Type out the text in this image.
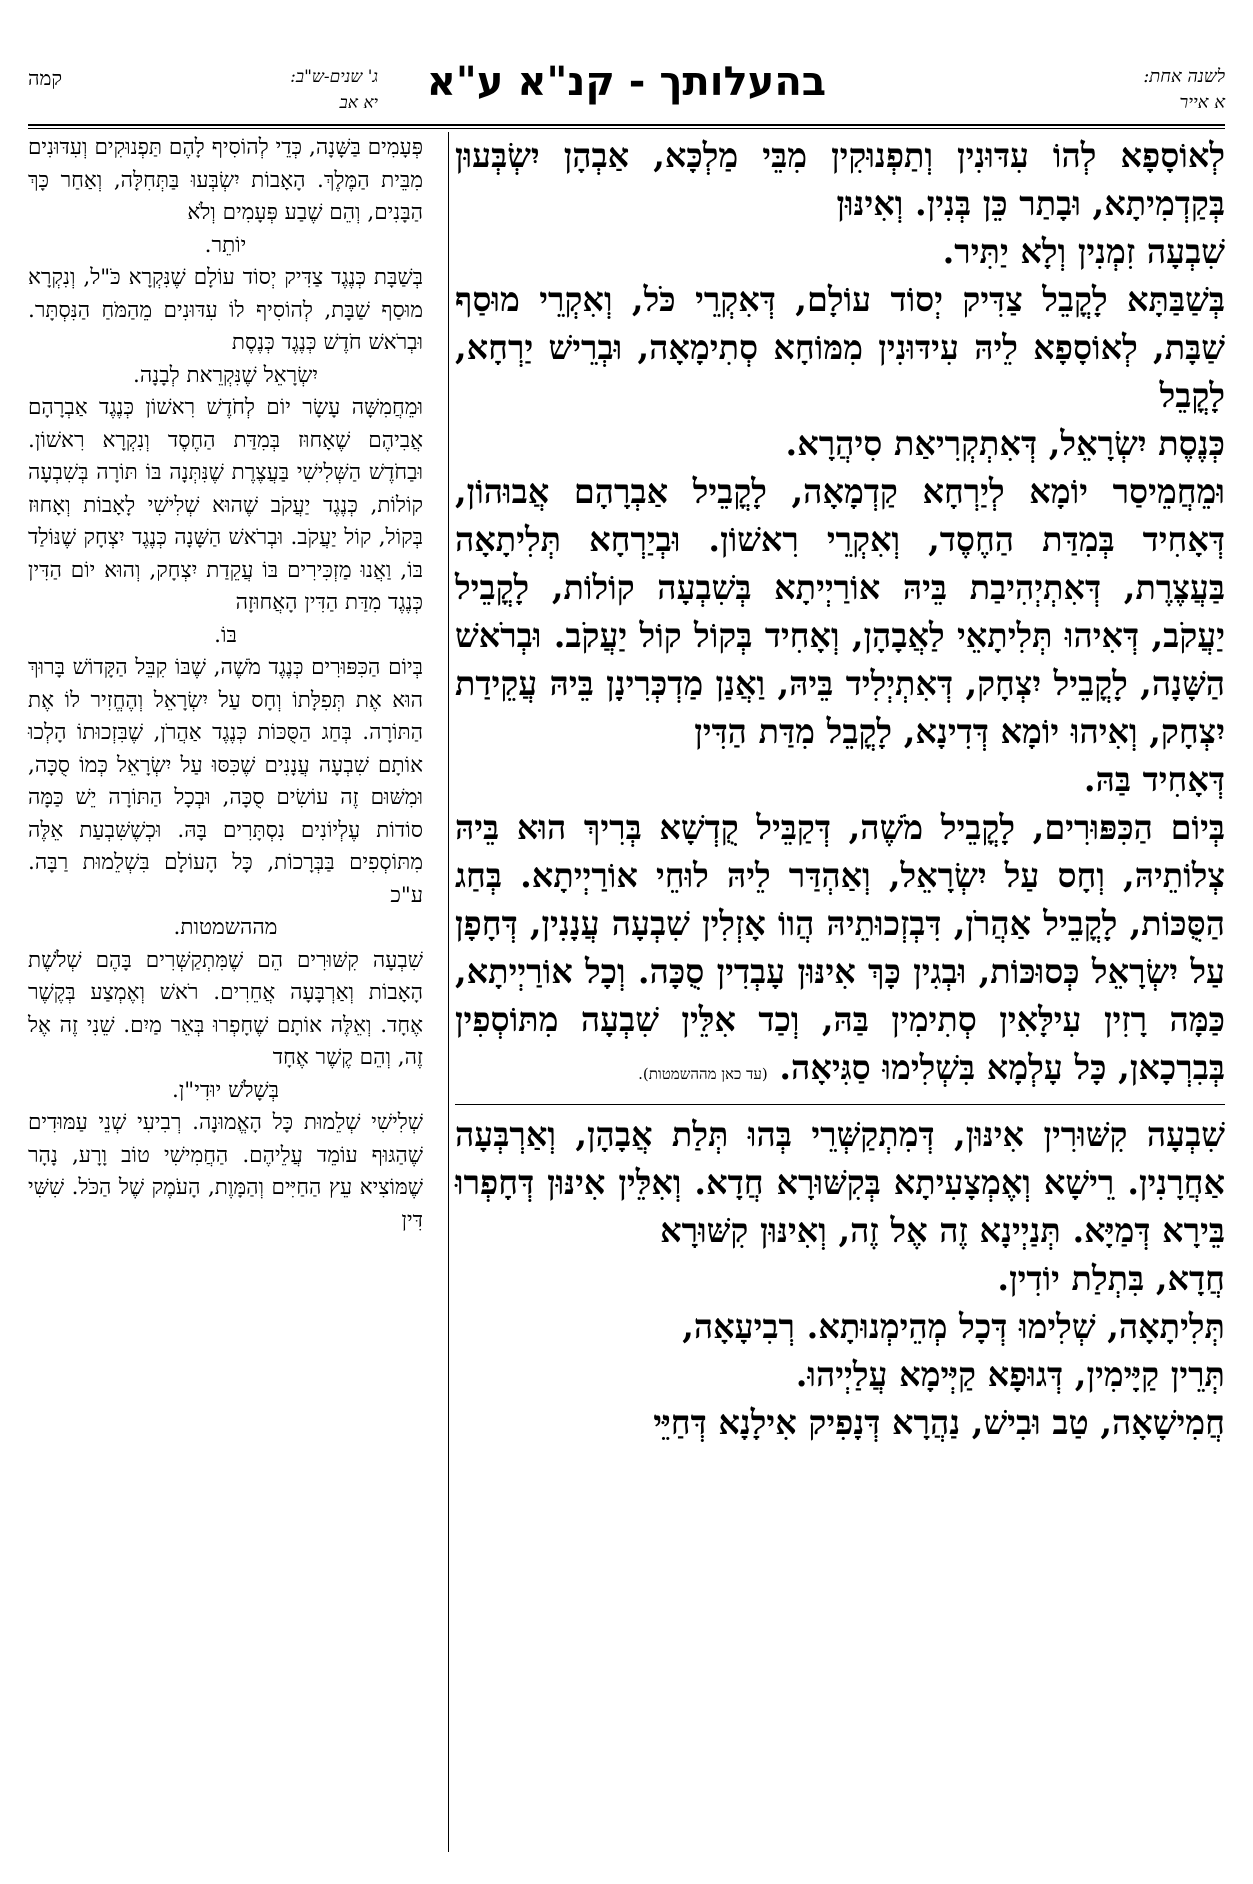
לשנה אחת:
א אייר
בהעלותך - קנ"א ע"א
ג' שנים-ש"ב:
יא אב
קמה

לְאוֹסָפָא לְהוֹ עִדּוּנִין וְתַפְנוּקִין מִבֵּי מַלְכָּא, אַבְהָן יִשְׂבְּעוּן בְּקַדְמִיתָא, וּבָתַר כֵּן בְּנִין. וְאִינּוּן
שִׁבְעָה זִמְנִין וְלָא יַתִּיר.

בְּשַׁבַּתָּא לָקֳבֵל צַדִּיק יְסוֹד עוֹלָם, דְּאִקְרֵי כֹּל, וְאִקְרֵי מוּסַף שַׁבָּת, לְאוֹסָפָא לֵיהּ עִידּוּנִין מִמּוֹחָא סְתִימָאָה, וּבְרֵישׁ יַרְחָא, לָקֳבֵל
כְּנֶסֶת יִשְׂרָאֵל, דְּאִתְקְרִיאַת סִיהֲרָא.

וּמֵחֲמֵיסַר יוֹמָא לְיַרְחָא קַדְמָאָה, לָקֳבֵיל אַבְרָהָם אֲבוּהוֹן, דְּאָחִיד בְּמִדַּת הַחֶסֶד, וְאִקְרֵי רִאשׁוֹן. וּבְיַרְחָא תְּלִיתָאָה בַּעֲצֶרֶת, דְּאִתְיְהִיבַת בֵּיהּ אוֹרַיְיתָא בְּשִׁבְעָה קוֹלוֹת, לָקֳבֵיל יַעֲקֹב, דְּאִיהוּ תְּלִיתָאֵי לַאֲבָהָן, וְאָחִיד בְּקוֹל קוֹל יַעֲקֹב. וּבְרֹאשׁ הַשָּׁנָה, לָקֳבֵיל יִצְחָק, דְּאִתְיְלִיד בֵּיהּ, וַאֲנַן מַדְכְּרִינָן בֵּיהּ עֲקֵידַת יִצְחָק, וְאִיהוּ יוֹמָא דְּדִינָא, לָקֳבֵל מִדַּת הַדִּין
דְּאָחִיד בַּהּ.

בְּיוֹם הַכִּפּוּרִים, לָקֳבֵיל מֹשֶׁה, דְּקַבֵּיל קֻדְשָׁא בְּרִיךְ הוּא בֵּיהּ צְלוֹתֵיהּ, וְחָס עַל יִשְׂרָאֵל, וְאַהְדַּר לֵיהּ לוּחֵי אוֹרַיְיתָא. בְּחַג הַסֻּכּוֹת, לָקֳבֵיל אַהֲרֹן, דִּבְזְכוּתֵיהּ הֲווֹ אָזְלִין שִׁבְעָה עֲנָנִין, דְּחָפָן עַל יִשְׂרָאֵל כְּסוּכּוֹת, וּבְגִין כָּךְ אִינּוּן עָבְדִין סֻכָּה. וְכָל אוֹרַיְיתָא, כַּמָּה רָזִין עִילָּאִין סְתִימִין בַּהּ, וְכַד אִלֵּין שִׁבְעָה מִתּוֹסְפִין בְּבִרְכָאן, כָּל עָלְמָא בִּשְׁלִימוּ סַגִּיאָה. (עד כאן מההשמטות).

שִׁבְעָה קִשּׁוּרִין אִינּוּן, דְּמִתְקַשְּׁרֵי בְּהוּ תְּלַת אֲבָהָן, וְאַרְבְּעָה אַחֲרָנִין. רֵישָׁא וְאֶמְצָעִיתָא בְּקִשּׁוּרָא חֲדָא. וְאִלֵּין אִינּוּן דְּחָפְרוּ בֵּירָא דְּמַיָּא. תְּנַיְינָא זֶה אֶל זֶה, וְאִינּוּן קִשּׁוּרָא
חֲדָא, בִּתְלַת יוֹדִין.

תְּלִיתָאָה, שְׁלִימוּ דְּכָל מְהֵימְנוּתָא. רְבִיעָאָה,
תְּרֵין קַיָּימִין, דְּגוּפָא קַיְּימָא עֲלַיְיהוּ.

חֲמִישָׁאָה, טַב וּבִישׁ, נַהֲרָא דְּנָפִיק אִילָנָא דְּחַיֵּי

פְּעָמִים בַּשָּׁנָה, כְּדֵי לְהוֹסִיף לָהֶם תַּפְנוּקִים וְעִדּוּנִים מִבֵּית הַמֶּלֶךְ. הָאָבוֹת יִשְׂבְּעוּ בַּתְּחִלָּה, וְאַחַר כָּךְ הַבָּנִים, וְהֵם שֶׁבַע פְּעָמִים וְלֹא
יוֹתֵר.

בְּשַׁבָּת כְּנֶגֶד צַדִּיק יְסוֹד עוֹלָם שֶׁנִּקְרָא כֹּ"ל, וְנִקְרָא מוּסַף שַׁבָּת, לְהוֹסִיף לוֹ עִדּוּנִים מֵהַמֹּחַ הַנִּסְתָּר. וּבְרֹאשׁ חֹדֶשׁ כְּנֶגֶד כְּנֶסֶת
יִשְׂרָאֵל שֶׁנִּקְרֵאת לְבָנָה.

וּמֵחֲמִשָּׁה עָשָׂר יוֹם לְחֹדֶשׁ רִאשׁוֹן כְּנֶגֶד אַבְרָהָם אֲבִיהֶם שֶׁאָחוּז בְּמִדַּת הַחֶסֶד וְנִקְרָא רִאשׁוֹן. וּבַחֹדֶשׁ הַשְּׁלִישִׁי בַּעֲצֶרֶת שֶׁנִּתְּנָה בּוֹ תּוֹרָה בְּשִׁבְעָה קוֹלוֹת, כְּנֶגֶד יַעֲקֹב שֶׁהוּא שְׁלִישִׁי לָאָבוֹת וְאָחוּז בְּקוֹל, קוֹל יַעֲקֹב. וּבְרֹאשׁ הַשָּׁנָה כְּנֶגֶד יִצְחָק שֶׁנּוֹלַד בּוֹ, וַאֲנוּ מַזְכִּירִים בּוֹ עֲקֵדַת יִצְחָק, וְהוּא יוֹם הַדִּין כְּנֶגֶד מִדַּת הַדִּין הָאֲחוּזָה
בּוֹ.

בְּיוֹם הַכִּפּוּרִים כְּנֶגֶד מֹשֶׁה, שֶׁבּוֹ קִבֵּל הַקָּדוֹשׁ בָּרוּךְ הוּא אֶת תְּפִלָּתוֹ וְחָס עַל יִשְׂרָאֵל וְהֶחֱזִיר לוֹ אֶת הַתּוֹרָה. בְּחַג הַסֻּכּוֹת כְּנֶגֶד אַהֲרֹן, שֶׁבִּזְכוּתוֹ הָלְכוּ אוֹתָם שִׁבְעָה עֲנָנִים שֶׁכִּסּוּ עַל יִשְׂרָאֵל כְּמוֹ סֻכָּה, וּמִשּׁוּם זֶה עוֹשִׂים סֻכָּה, וּבְכָל הַתּוֹרָה יֵשׁ כַּמָּה סוֹדוֹת עֶלְיוֹנִים נִסְתָּרִים בָּהּ. וּכְשֶׁשִּׁבְעַת אֵלֶּה מִתּוֹסְפִים בַּבְּרָכוֹת, כָּל הָעוֹלָם בִּשְׁלֵמוּת רַבָּה. ע"כ
מההשמטות.

שִׁבְעָה קִשּׁוּרִים הֵם שֶׁמִּתְקַשְּׁרִים בָּהֶם שְׁלֹשֶׁת הָאָבוֹת וְאַרְבָּעָה אֲחֵרִים. רֹאשׁ וְאֶמְצַע בְּקֶשֶׁר אֶחָד. וְאֵלֶּה אוֹתָם שֶׁחָפְרוּ בְּאֵר מַיִם. שֵׁנִי זֶה אֶל זֶה, וְהֵם קֶשֶׁר אֶחָד
בְּשָׁלֹשׁ יוּדִי"ן.

שְׁלִישִׁי שְׁלֵמוּת כָּל הָאֱמוּנָה. רְבִיעִי שְׁנֵי עַמּוּדִים שֶׁהַגּוּף עוֹמֵד עֲלֵיהֶם. הַחֲמִישִׁי טוֹב וָרָע, נָהָר שֶׁמּוֹצִיא עֵץ הַחַיִּים וְהַמָּוֶת, הָעֹמֶק שֶׁל הַכֹּל. שִׁשִּׁי דִּין
